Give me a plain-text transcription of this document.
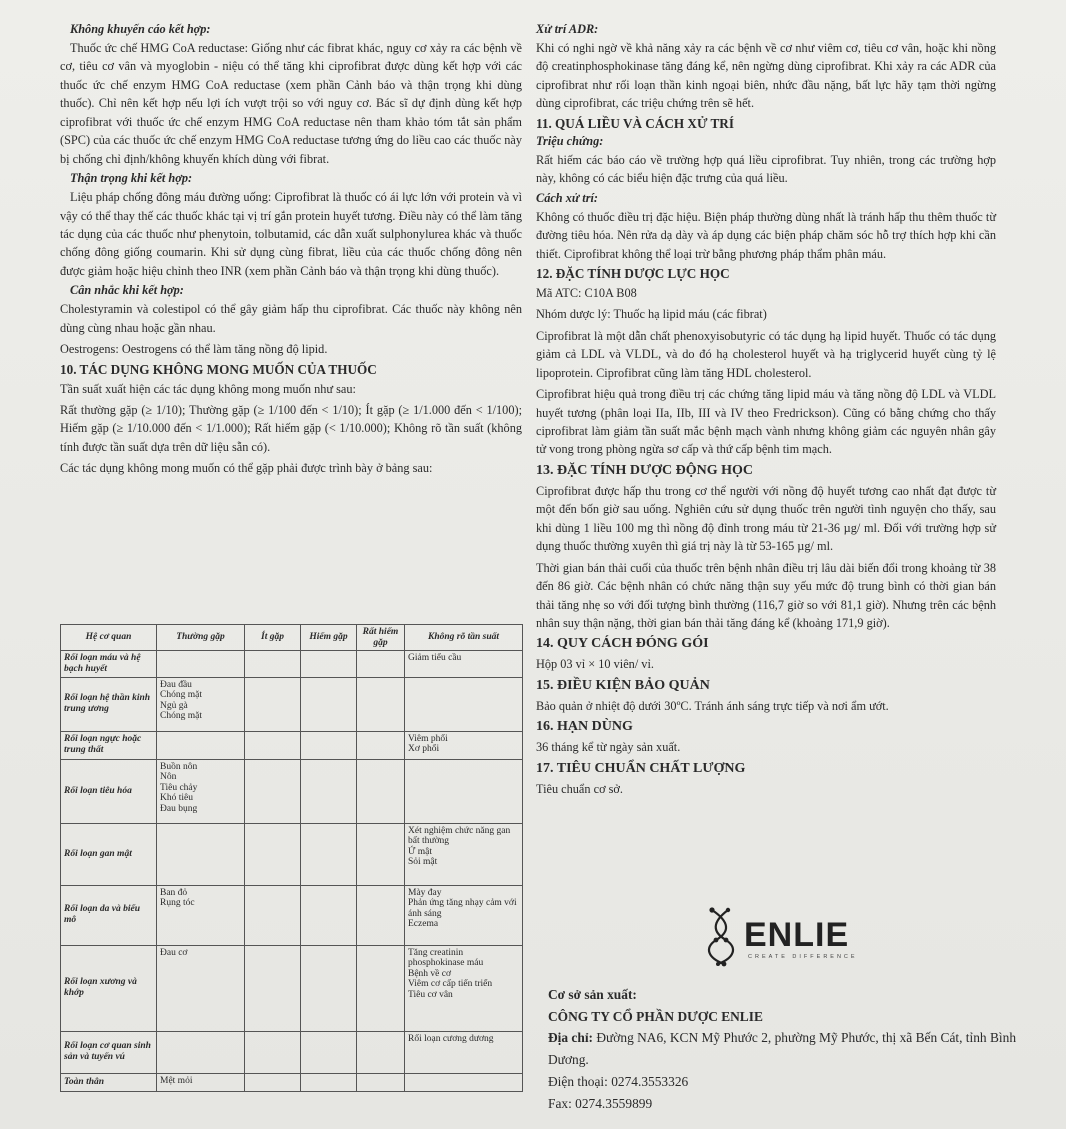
Không khuyến cáo kết hợp:

Thuốc ức chế HMG CoA reductase: Giống như các fibrat khác, nguy cơ xảy ra các bệnh về cơ, tiêu cơ vân và myoglobin - niệu có thể tăng khi ciprofibrat được dùng kết hợp với các thuốc ức chế enzym HMG CoA reductase (xem phần Cảnh báo và thận trọng khi dùng thuốc). Chỉ nên kết hợp nếu lợi ích vượt trội so với nguy cơ. Bác sĩ dự định dùng kết hợp ciprofibrat với thuốc ức chế enzym HMG CoA reductase nên tham khảo tóm tắt sản phẩm (SPC) của các thuốc ức chế enzym HMG CoA reductase tương ứng do liều cao các thuốc này bị chống chỉ định/không khuyến khích dùng với fibrat.

Thận trọng khi kết hợp:

Liệu pháp chống đông máu đường uống: Ciprofibrat là thuốc có ái lực lớn với protein và vì vậy có thể thay thế các thuốc khác tại vị trí gắn protein huyết tương. Điều này có thể làm tăng tác dụng của các thuốc như phenytoin, tolbutamid, các dẫn xuất sulphonylurea khác và thuốc chống đông giống coumarin. Khi sử dụng cùng fibrat, liều của các thuốc chống đông nên được giảm hoặc hiệu chỉnh theo INR (xem phần Cảnh báo và thận trọng khi dùng thuốc).

Cân nhắc khi kết hợp:

Cholestyramin và colestipol có thể gây giảm hấp thu ciprofibrat. Các thuốc này không nên dùng cùng nhau hoặc gần nhau.

Oestrogens: Oestrogens có thể làm tăng nồng độ lipid.

10. TÁC DỤNG KHÔNG MONG MUỐN CỦA THUỐC

Tần suất xuất hiện các tác dụng không mong muốn như sau:

Rất thường gặp (≥ 1/10); Thường gặp (≥ 1/100 đến < 1/10); Ít gặp (≥ 1/1.000 đến < 1/100); Hiếm gặp (≥ 1/10.000 đến < 1/1.000); Rất hiếm gặp (< 1/10.000); Không rõ tần suất (không tính được tần suất dựa trên dữ liệu sẵn có).

Các tác dụng không mong muốn có thể gặp phải được trình bày ở bảng sau:

Hệ cơ quan	Thường gặp	Ít gặp	Hiếm gặp	Rất hiếm gặp	Không rõ tần suất
Rối loạn máu và hệ bạch huyết					Giảm tiểu cầu

Rối loạn hệ thần kinh trung ương	Đau đầu
Chóng mặt
Ngủ gà
Chóng mặt				

Rối loạn ngực hoặc trung thất					Viêm phổi
Xơ phổi

Rối loạn tiêu hóa	Buồn nôn
Nôn
Tiêu chảy
Khó tiêu
Đau bụng				

Rối loạn gan mật					Xét nghiệm chức năng gan bất thường
Ứ mật
Sỏi mật

Rối loạn da và biểu mô	Ban đỏ
Rụng tóc				Mày đay
Phản ứng tăng nhạy cảm với ánh sáng
Eczema

Rối loạn xương và khớp	Đau cơ				Tăng creatinin phosphokinase máu
Bệnh về cơ
Viêm cơ cấp tiến triển
Tiêu cơ vân

Rối loạn cơ quan sinh sản và tuyến vú					Rối loạn cương dương

Toàn thân	Mệt mỏi				

Xử trí ADR:

Khi có nghi ngờ về khả năng xảy ra các bệnh về cơ như viêm cơ, tiêu cơ vân, hoặc khi nồng độ creatinphosphokinase tăng đáng kể, nên ngừng dùng ciprofibrat. Khi xảy ra các ADR của ciprofibrat như rối loạn thần kinh ngoại biên, nhức đầu nặng, bất lực hãy tạm thời ngừng dùng ciprofibrat, các triệu chứng trên sẽ hết.

11. QUÁ LIỀU VÀ CÁCH XỬ TRÍ
Triệu chứng:

Rất hiếm các báo cáo về trường hợp quá liều ciprofibrat. Tuy nhiên, trong các trường hợp này, không có các biểu hiện đặc trưng của quá liều.

Cách xử trí:

Không có thuốc điều trị đặc hiệu. Biện pháp thường dùng nhất là tránh hấp thu thêm thuốc từ đường tiêu hóa. Nên rửa dạ dày và áp dụng các biện pháp chăm sóc hỗ trợ thích hợp khi cần thiết. Ciprofibrat không thể loại trừ bằng phương pháp thẩm phân máu.

12. ĐẶC TÍNH DƯỢC LỰC HỌC

Mã ATC: C10A B08

Nhóm dược lý: Thuốc hạ lipid máu (các fibrat)

Ciprofibrat là một dẫn chất phenoxyisobutyric có tác dụng hạ lipid huyết. Thuốc có tác dụng giảm cả LDL và VLDL, và do đó hạ cholesterol huyết và hạ triglycerid huyết cùng tỷ lệ lipoprotein. Ciprofibrat cũng làm tăng HDL cholesterol.

Ciprofibrat hiệu quả trong điều trị các chứng tăng lipid máu và tăng nồng độ LDL và VLDL huyết tương (phân loại IIa, IIb, III và IV theo Fredrickson). Cũng có bằng chứng cho thấy ciprofibrat làm giảm tần suất mắc bệnh mạch vành nhưng không giảm các nguyên nhân gây tử vong trong phòng ngừa sơ cấp và thứ cấp bệnh tim mạch.

13. ĐẶC TÍNH DƯỢC ĐỘNG HỌC

Ciprofibrat được hấp thu trong cơ thể người với nồng độ huyết tương cao nhất đạt được từ một đến bốn giờ sau uống. Nghiên cứu sử dụng thuốc trên người tình nguyện cho thấy, sau khi dùng 1 liều 100 mg thì nồng độ đỉnh trong máu từ 21-36 µg/ ml. Đối với trường hợp sử dụng thuốc thường xuyên thì giá trị này là từ 53-165 µg/ ml.

Thời gian bán thải cuối của thuốc trên bệnh nhân điều trị lâu dài biến đổi trong khoảng từ 38 đến 86 giờ. Các bệnh nhân có chức năng thận suy yếu mức độ trung bình có thời gian bán thải tăng nhẹ so với đối tượng bình thường (116,7 giờ so với 81,1 giờ). Nhưng trên các bệnh nhân suy thận nặng, thời gian bán thải tăng đáng kể (khoảng 171,9 giờ).

14. QUY CÁCH ĐÓNG GÓI

Hộp 03 vỉ × 10 viên/ vỉ.

15. ĐIỀU KIỆN BẢO QUẢN

Bảo quản ở nhiệt độ dưới 30ºC. Tránh ánh sáng trực tiếp và nơi ẩm ướt.

16. HẠN DÙNG

36 tháng kể từ ngày sản xuất.

17. TIÊU CHUẨN CHẤT LƯỢNG

Tiêu chuẩn cơ sở.

ENLIE
CREATE DIFFERENCE

Cơ sở sản xuất:

CÔNG TY CỔ PHẦN DƯỢC ENLIE

Địa chỉ: Đường NA6, KCN Mỹ Phước 2, phường Mỹ Phước, thị xã Bến Cát, tỉnh Bình Dương.

Điện thoại: 0274.3553326

Fax: 0274.3559899
